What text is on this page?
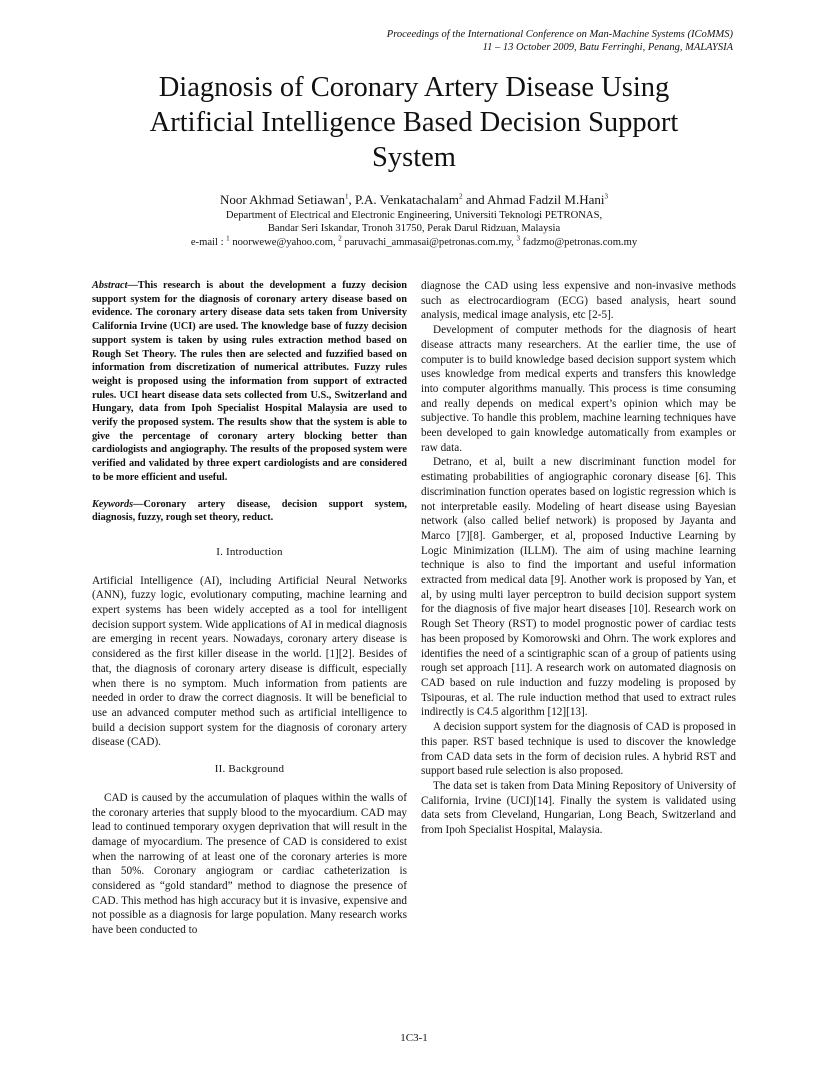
Proceedings of the International Conference on Man-Machine Systems (ICoMMS)
11 – 13 October 2009, Batu Ferringhi, Penang, MALAYSIA
Diagnosis of Coronary Artery Disease Using
Artificial Intelligence Based Decision Support
System
Noor Akhmad Setiawan$^1$, P.A. Venkatachalam$^2$ and Ahmad Fadzil M.Hani$^3$
Department of Electrical and Electronic Engineering, Universiti Teknologi PETRONAS,
Bandar Seri Iskandar, Tronoh 31750, Perak Darul Ridzuan, Malaysia
e-mail : $^1$ noorwewe@yahoo.com, $^2$ paruvachi_ammasai@petronas.com.my, $^3$ fadzmo@petronas.com.my

Abstract—This research is about the development a fuzzy decision support system for the diagnosis of coronary artery disease based on evidence. The coronary artery disease data sets taken from University California Irvine (UCI) are used. The knowledge base of fuzzy decision support system is taken by using rules extraction method based on Rough Set Theory. The rules then are selected and fuzzified based on information from discretization of numerical attributes. Fuzzy rules weight is proposed using the information from support of extracted rules. UCI heart disease data sets collected from U.S., Switzerland and Hungary, data from Ipoh Specialist Hospital Malaysia are used to verify the proposed system. The results show that the system is able to give the percentage of coronary artery blocking better than cardiologists and angiography. The results of the proposed system were verified and validated by three expert cardiologists and are considered to be more efficient and useful.

Keywords—Coronary artery disease, decision support system, diagnosis, fuzzy, rough set theory, reduct.

I. Introduction

Artificial Intelligence (AI), including Artificial Neural Networks (ANN), fuzzy logic, evolutionary computing, machine learning and expert systems has been widely accepted as a tool for intelligent decision support system. Wide applications of AI in medical diagnosis are emerging in recent years. Nowadays, coronary artery disease is considered as the first killer disease in the world. [1][2]. Besides of that, the diagnosis of coronary artery disease is difficult, especially when there is no symptom. Much information from patients are needed in order to draw the correct diagnosis. It will be beneficial to use an advanced computer method such as artificial intelligence to build a decision support system for the diagnosis of coronary artery disease (CAD).

II. Background

CAD is caused by the accumulation of plaques within the walls of the coronary arteries that supply blood to the myocardium. CAD may lead to continued temporary oxygen deprivation that will result in the damage of myocardium. The presence of CAD is considered to exist when the narrowing of at least one of the coronary arteries is more than 50%. Coronary angiogram or cardiac catheterization is considered as “gold standard” method to diagnose the presence of CAD. This method has high accuracy but it is invasive, expensive and not possible as a diagnosis for large population. Many research works have been conducted to

diagnose the CAD using less expensive and non-invasive methods such as electrocardiogram (ECG) based analysis, heart sound analysis, medical image analysis, etc [2-5].

Development of computer methods for the diagnosis of heart disease attracts many researchers. At the earlier time, the use of computer is to build knowledge based decision support system which uses knowledge from medical experts and transfers this knowledge into computer algorithms manually. This process is time consuming and really depends on medical expert’s opinion which may be subjective. To handle this problem, machine learning techniques have been developed to gain knowledge automatically from examples or raw data.

Detrano, et al, built a new discriminant function model for estimating probabilities of angiographic coronary disease [6]. This discrimination function operates based on logistic regression which is not interpretable easily. Modeling of heart disease using Bayesian network (also called belief network) is proposed by Jayanta and Marco [7][8]. Gamberger, et al, proposed Inductive Learning by Logic Minimization (ILLM). The aim of using machine learning technique is also to find the important and useful information extracted from medical data [9]. Another work is proposed by Yan, et al, by using multi layer perceptron to build decision support system for the diagnosis of five major heart diseases [10]. Research work on Rough Set Theory (RST) to model prognostic power of cardiac tests has been proposed by Komorowski and Ohrn. The work explores and identifies the need of a scintigraphic scan of a group of patients using rough set approach [11]. A research work on automated diagnosis on CAD based on rule induction and fuzzy modeling is proposed by Tsipouras, et al. The rule induction method that used to extract rules indirectly is C4.5 algorithm [12][13].

A decision support system for the diagnosis of CAD is proposed in this paper. RST based technique is used to discover the knowledge from CAD data sets in the form of decision rules. A hybrid RST and support based rule selection is also proposed.

The data set is taken from Data Mining Repository of University of California, Irvine (UCI)[14]. Finally the system is validated using data sets from Cleveland, Hungarian, Long Beach, Switzerland and from Ipoh Specialist Hospital, Malaysia.

1C3-1
